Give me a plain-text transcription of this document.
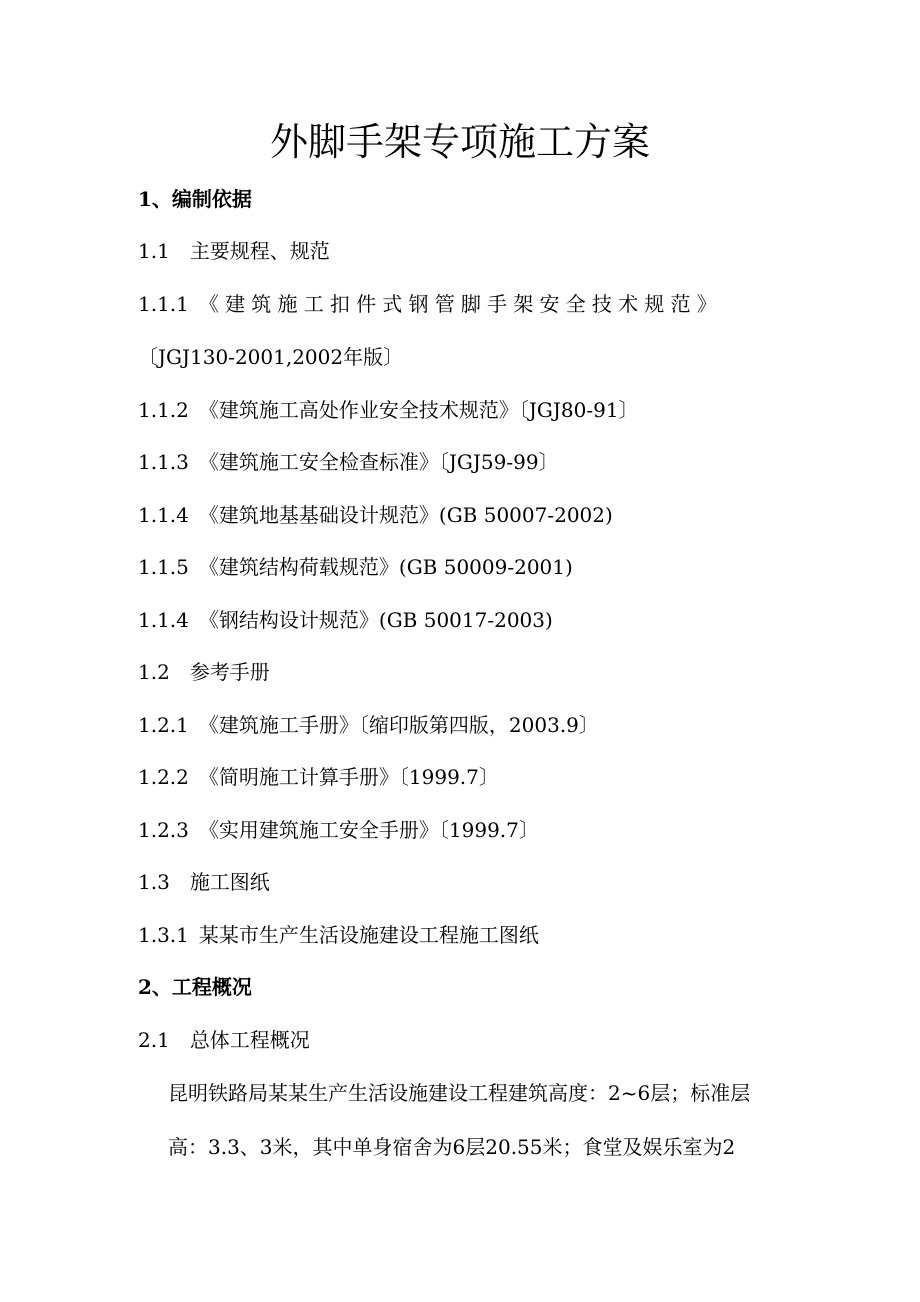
外脚手架专项施工方案

1、编制依据

1.1 主要规程、规范

1.1.1 《建筑施工扣件式钢管脚手架安全技术规范》

〔JGJ130-2001,2002年版〕

1.1.2 《建筑施工高处作业安全技术规范》〔JGJ80-91〕

1.1.3 《建筑施工安全检查标准》〔JGJ59-99〕

1.1.4 《建筑地基基础设计规范》(GB 50007-2002)

1.1.5 《建筑结构荷载规范》(GB 50009-2001)

1.1.4 《钢结构设计规范》(GB 50017-2003)

1.2 参考手册

1.2.1 《建筑施工手册》〔缩印版第四版，2003.9〕

1.2.2 《简明施工计算手册》〔1999.7〕

1.2.3 《实用建筑施工安全手册》〔1999.7〕

1.3 施工图纸

1.3.1 某某市生产生活设施建设工程施工图纸

2、工程概况

2.1 总体工程概况

昆明铁路局某某生产生活设施建设工程建筑高度：2~6层；标准层

高：3.3、3米，其中单身宿舍为6层20.55米；食堂及娱乐室为2
